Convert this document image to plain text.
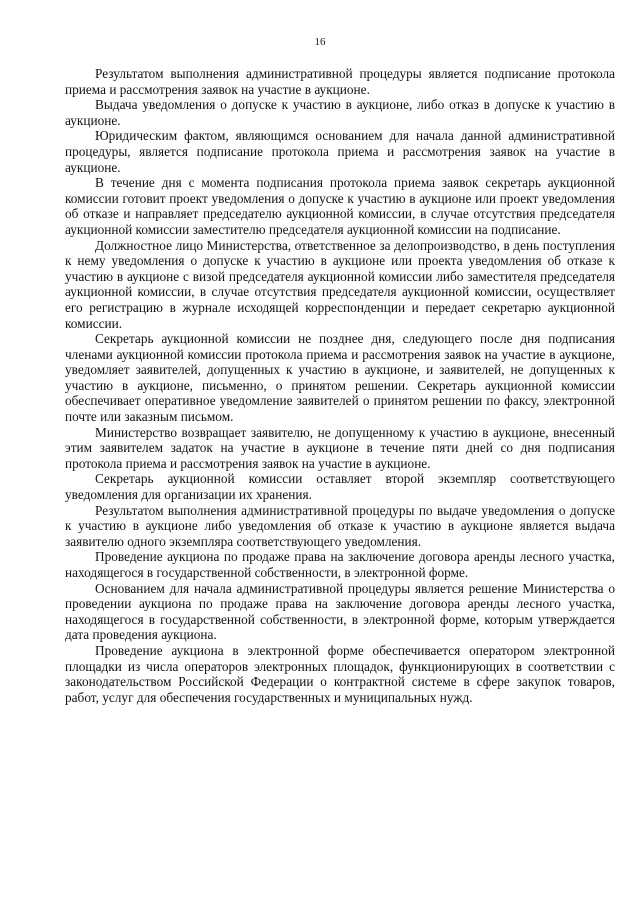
16

Результатом выполнения административной процедуры является подписание протокола приема и рассмотрения заявок на участие в аукционе.

Выдача уведомления о допуске к участию в аукционе, либо отказ в допуске к участию в аукционе.

Юридическим фактом, являющимся основанием для начала данной административной процедуры, является подписание протокола приема и рассмотрения заявок на участие в аукционе.

В течение дня с момента подписания протокола приема заявок секретарь аукционной комиссии готовит проект уведомления о допуске к участию в аукционе или проект уведомления об отказе и направляет председателю аукционной комиссии, в случае отсутствия председателя аукционной комиссии заместителю председателя аукционной комиссии на подписание.

Должностное лицо Министерства, ответственное за делопроизводство, в день поступления к нему уведомления о допуске к участию в аукционе или проекта уведомления об отказе к участию в аукционе с визой председателя аукционной комиссии либо заместителя председателя аукционной комиссии, в случае отсутствия председателя аукционной комиссии, осуществляет его регистрацию в журнале исходящей корреспонденции и передает секретарю аукционной комиссии.

Секретарь аукционной комиссии не позднее дня, следующего после дня подписания членами аукционной комиссии протокола приема и рассмотрения заявок на участие в аукционе, уведомляет заявителей, допущенных к участию в аукционе, и заявителей, не допущенных к участию в аукционе, письменно, о принятом решении. Секретарь аукционной комиссии обеспечивает оперативное уведомление заявителей о принятом решении по факсу, электронной почте или заказным письмом.

Министерство возвращает заявителю, не допущенному к участию в аукционе, внесенный этим заявителем задаток на участие в аукционе в течение пяти дней со дня подписания протокола приема и рассмотрения заявок на участие в аукционе.

Секретарь аукционной комиссии оставляет второй экземпляр соответствующего уведомления для организации их хранения.

Результатом выполнения административной процедуры по выдаче уведомления о допуске к участию в аукционе либо уведомления об отказе к участию в аукционе является выдача заявителю одного экземпляра соответствующего уведомления.

Проведение аукциона по продаже права на заключение договора аренды лесного участка, находящегося в государственной собственности, в электронной форме.

Основанием для начала административной процедуры является решение Министерства о проведении аукциона по продаже права на заключение договора аренды лесного участка, находящегося в государственной собственности, в электронной форме, которым утверждается дата проведения аукциона.

Проведение аукциона в электронной форме обеспечивается оператором электронной площадки из числа операторов электронных площадок, функционирующих в соответствии с законодательством Российской Федерации о контрактной системе в сфере закупок товаров, работ, услуг для обеспечения государственных и муниципальных нужд.
